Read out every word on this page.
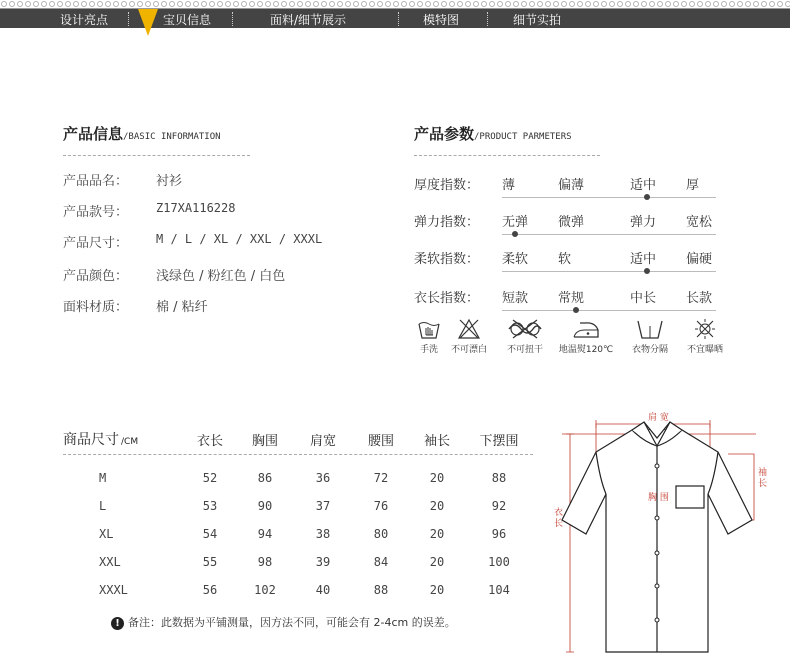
设计亮点	宝贝信息	面料/细节展示	模特图	细节实拍
产品信息/BASIC INFORMATION
产品品名： 衬衫
产品款号： Z17XA116228
产品尺寸： M / L / XL / XXL / XXXL
产品颜色： 浅绿色 / 粉红色 / 白色
面料材质： 棉 / 粘纤
产品参数/PRODUCT PARMETERS
厚度指数： 薄	偏薄	适中 厚
弹力指数： 无弹 微弹	弹力 宽松
柔软指数： 柔软 软	适中 偏硬
衣长指数： 短款 常规	中长 长款
手洗	不可漂白	不可扭干	地温熨120℃	衣物分隔	不宜曝晒
商品尺寸 /CM	衣长	胸围	肩宽	腰围	袖长	下摆围

M	52	86	36	72	20	88
L	53	90	37	76	20	92
XL	54	94	38	80	20	96
XXL	55	98	39	84	20	100
XXXL	56	102	40	88	20	104
! 备注：此数据为平铺测量，因方法不同，可能会有 2-4cm 的误差。
肩 宽
胸 围
袖长
衣长
